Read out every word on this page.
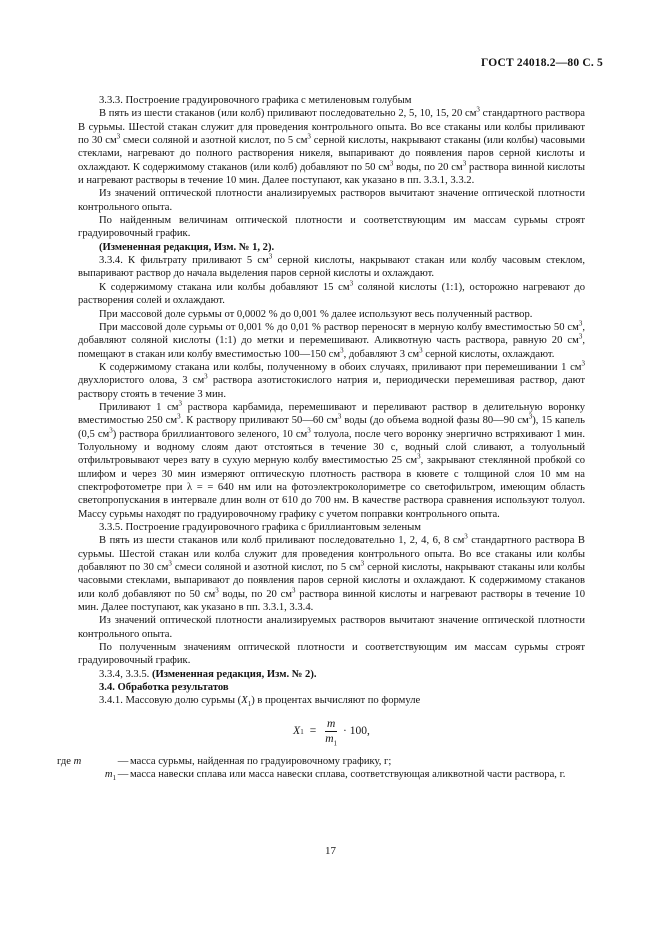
ГОСТ 24018.2—80 С. 5

3.3.3. Построение градуировочного графика с метиленовым голубым

В пять из шести стаканов (или колб) приливают последовательно 2, 5, 10, 15, 20 $см^3$ стандартного раствора В сурьмы. Шестой стакан служит для проведения контрольного опыта. Во все стаканы или колбы приливают по 30 $см^3$ смеси соляной и азотной кислот, по 5 $см^3$ серной кислоты, накрывают стаканы (или колбы) часовыми стеклами, нагревают до полного растворения никеля, выпаривают до появления паров серной кислоты и охлаждают. К содержимому стаканов (или колб) добавляют по 50 $см^3$ воды, по 20 $см^3$ раствора винной кислоты и нагревают растворы в течение 10 мин. Далее поступают, как указано в пп. 3.3.1, 3.3.2.

Из значений оптической плотности анализируемых растворов вычитают значение оптической плотности контрольного опыта.

По найденным величинам оптической плотности и соответствующим им массам сурьмы строят градуировочный график.

(Измененная редакция, Изм. № 1, 2).

3.3.4. К фильтрату приливают 5 $см^3$ серной кислоты, накрывают стакан или колбу часовым стеклом, выпаривают раствор до начала выделения паров серной кислоты и охлаждают.

К содержимому стакана или колбы добавляют 15 $см^3$ соляной кислоты (1:1), осторожно нагревают до растворения солей и охлаждают.

При массовой доле сурьмы от 0,0002 % до 0,001 % далее используют весь полученный раствор.

При массовой доле сурьмы от 0,001 % до 0,01 % раствор переносят в мерную колбу вместимостью 50 $см^3$, добавляют соляной кислоты (1:1) до метки и перемешивают. Аликвотную часть раствора, равную 20 $см^3$, помещают в стакан или колбу вместимостью 100—150 $см^3$, добавляют 3 $см^3$ серной кислоты, охлаждают.

К содержимому стакана или колбы, полученному в обоих случаях, приливают при перемешивании 1 $см^3$ двухлористого олова, 3 $см^3$ раствора азотистокислого натрия и, периодически перемешивая раствор, дают раствору стоять в течение 3 мин.

Приливают 1 $см^3$ раствора карбамида, перемешивают и переливают раствор в делительную воронку вместимостью 250 $см^3$. К раствору приливают 50—60 $см^3$ воды (до объема водной фазы 80—90 $см^3$), 15 капель (0,5 $см^3$) раствора бриллиантового зеленого, 10 $см^3$ толуола, после чего воронку энергично встряхивают 1 мин. Толуольному и водному слоям дают отстояться в течение 30 с, водный слой сливают, а толуольный отфильтровывают через вату в сухую мерную колбу вместимостью 25 $см^3$, закрывают стеклянной пробкой со шлифом и через 30 мин измеряют оптическую плотность раствора в кювете с толщиной слоя 10 мм на спектрофотометре при λ = = 640 нм или на фотоэлектроколориметре со светофильтром, имеющим область светопропускания в интервале длин волн от 610 до 700 нм. В качестве раствора сравнения используют толуол. Массу сурьмы находят по градуировочному графику с учетом поправки контрольного опыта.

3.3.5. Построение градуировочного графика с бриллиантовым зеленым

В пять из шести стаканов или колб приливают последовательно 1, 2, 4, 6, 8 $см^3$ стандартного раствора В сурьмы. Шестой стакан или колба служит для проведения контрольного опыта. Во все стаканы или колбы добавляют по 30 $см^3$ смеси соляной и азотной кислот, по 5 $см^3$ серной кислоты, накрывают стаканы или колбы часовыми стеклами, выпаривают до появления паров серной кислоты и охлаждают. К содержимому стаканов или колб добавляют по 50 $см^3$ воды, по 20 $см^3$ раствора винной кислоты и нагревают растворы в течение 10 мин. Далее поступают, как указано в пп. 3.3.1, 3.3.4.

Из значений оптической плотности анализируемых растворов вычитают значение оптической плотности контрольного опыта.

По полученным значениям оптической плотности и соответствующим им массам сурьмы строят градуировочный график.

3.3.4, 3.3.5. (Измененная редакция, Изм. № 2).

3.4. Обработка результатов

3.4.1. Массовую долю сурьмы $(X_1)$ в процентах вычисляют по формуле

X $1 = \frac{m}{m_1} \cdot 100$,
где m	— масса сурьмы, найденная по градуировочному графику, г;
$m_1$ — масса навески сплава или масса навески сплава, соответствующая аликвотной части раствора, г.
17
